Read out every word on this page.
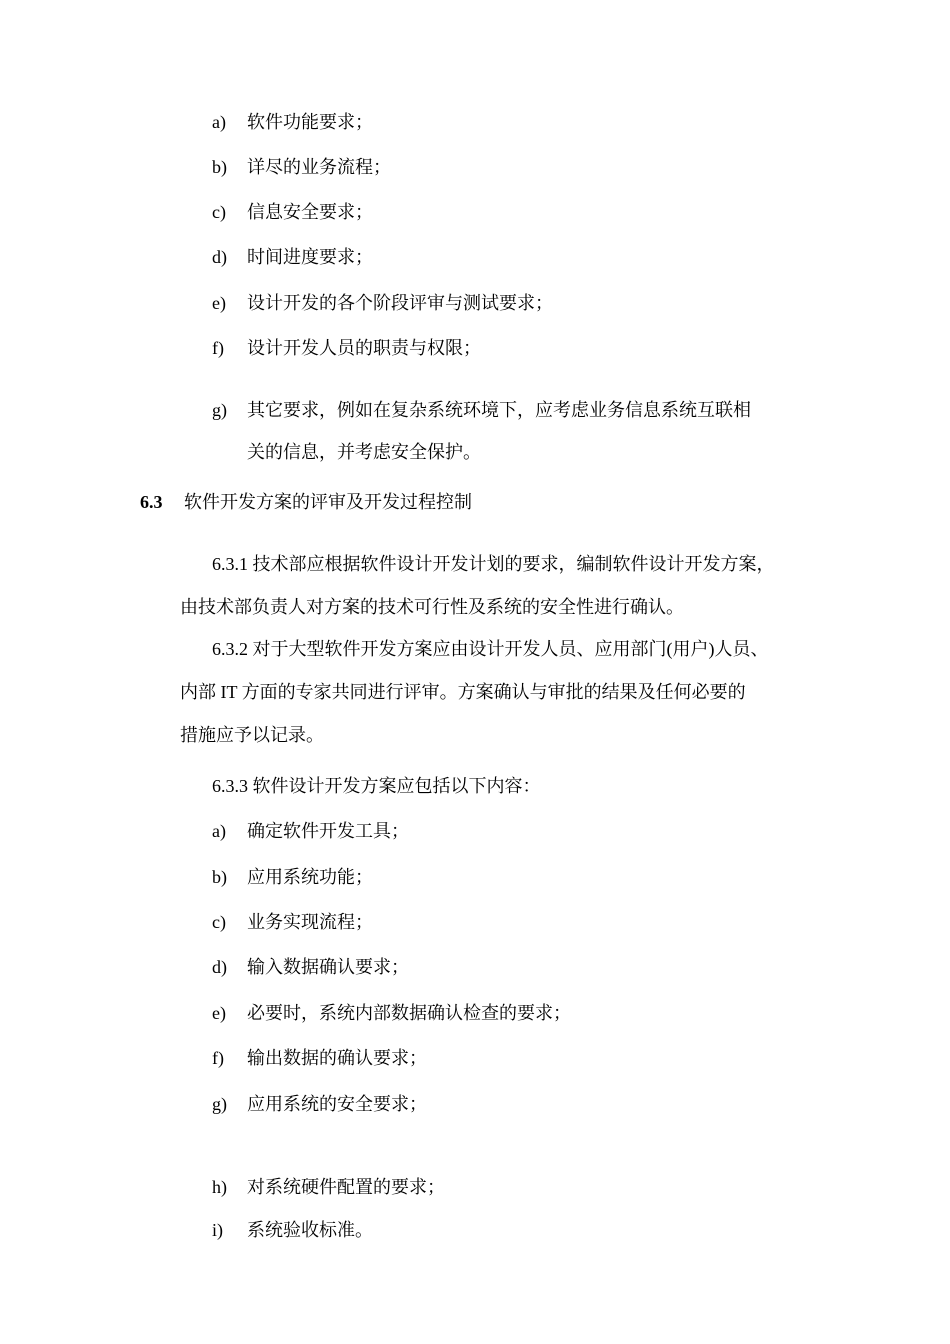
a) 软件功能要求；
b) 详尽的业务流程；
c) 信息安全要求；
d) 时间进度要求；
e) 设计开发的各个阶段评审与测试要求；
f) 设计开发人员的职责与权限；
g) 其它要求，例如在复杂系统环境下，应考虑业务信息系统互联相
关的信息，并考虑安全保护。
6.3 软件开发方案的评审及开发过程控制
6.3.1 技术部应根据软件设计开发计划的要求，编制软件设计开发方案，
由技术部负责人对方案的技术可行性及系统的安全性进行确认。
6.3.2 对于大型软件开发方案应由设计开发人员、应用部门(用户)人员、
内部 IT 方面的专家共同进行评审。方案确认与审批的结果及任何必要的
措施应予以记录。
6.3.3 软件设计开发方案应包括以下内容：
a) 确定软件开发工具；
b) 应用系统功能；
c) 业务实现流程；
d) 输入数据确认要求；
e) 必要时，系统内部数据确认检查的要求；
f) 输出数据的确认要求；
g) 应用系统的安全要求；
h) 对系统硬件配置的要求；
i) 系统验收标准。
